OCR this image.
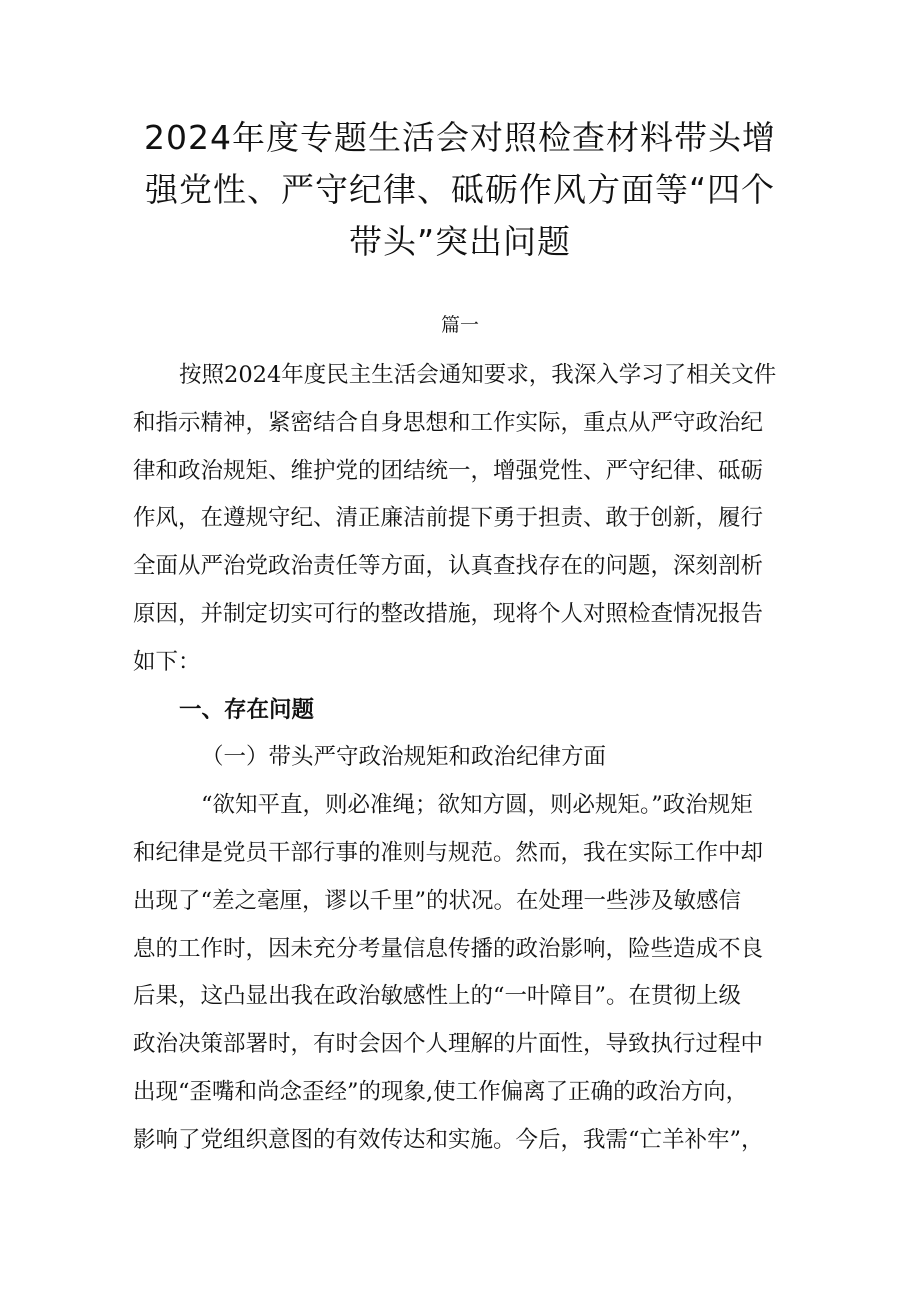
2024年度专题生活会对照检查材料带头增
强党性、严守纪律、砥砺作风方面等“四个
带头”突出问题
篇一
按照2024年度民主生活会通知要求，我深入学习了相关文件
和指示精神，紧密结合自身思想和工作实际，重点从严守政治纪
律和政治规矩、维护党的团结统一，增强党性、严守纪律、砥砺
作风，在遵规守纪、清正廉洁前提下勇于担责、敢于创新，履行
全面从严治党政治责任等方面，认真查找存在的问题，深刻剖析
原因，并制定切实可行的整改措施，现将个人对照检查情况报告
如下：
一、存在问题
（一）带头严守政治规矩和政治纪律方面
“欲知平直，则必准绳；欲知方圆，则必规矩。”政治规矩
和纪律是党员干部行事的准则与规范。然而，我在实际工作中却
出现了“差之毫厘，谬以千里”的状况。在处理一些涉及敏感信
息的工作时，因未充分考量信息传播的政治影响，险些造成不良
后果，这凸显出我在政治敏感性上的“一叶障目”。在贯彻上级
政治决策部署时，有时会因个人理解的片面性，导致执行过程中
出现“歪嘴和尚念歪经”的现象,使工作偏离了正确的政治方向，
影响了党组织意图的有效传达和实施。今后，我需“亡羊补牢”，
